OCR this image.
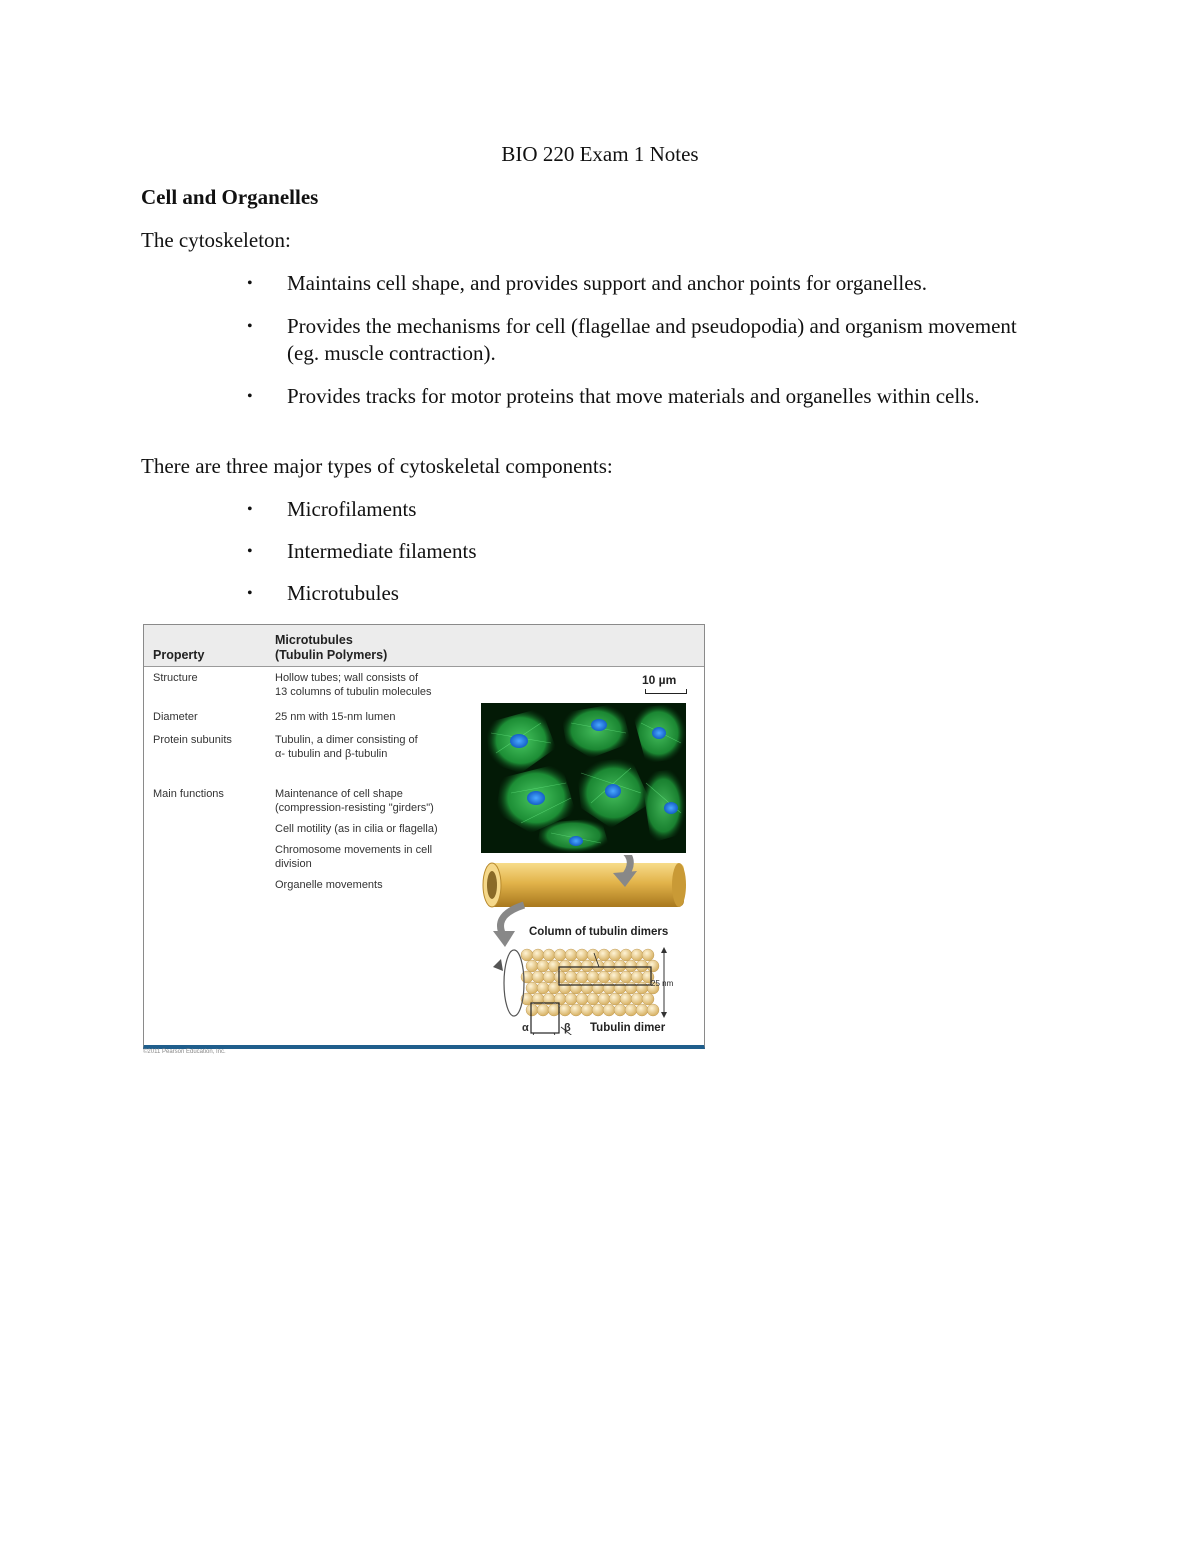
BIO 220 Exam 1 Notes
Cell and Organelles
The cytoskeleton:
• Maintains cell shape, and provides support and anchor points for organelles.
• Provides the mechanisms for cell (flagellae and pseudopodia) and organism movement (eg. muscle contraction).
• Provides tracks for motor proteins that move materials and organelles within cells.
There are three major types of cytoskeletal components:
• Microfilaments
• Intermediate filaments
• Microtubules
Property
Microtubules
(Tubulin Polymers)
Structure	Hollow tubes; wall consists of
13 columns of tubulin molecules
Diameter	25 nm with 15-nm lumen
Protein subunits	Tubulin, a dimer consisting of
α- tubulin and β-tubulin
Main functions	Maintenance of cell shape
(compression-resisting "girders")
Cell motility (as in cilia or flagella)
Chromosome movements in cell
division
Organelle movements
10 µm
Column of tubulin dimers
25 nm
α	β Tubulin dimer
©2011 Pearson Education, Inc.
